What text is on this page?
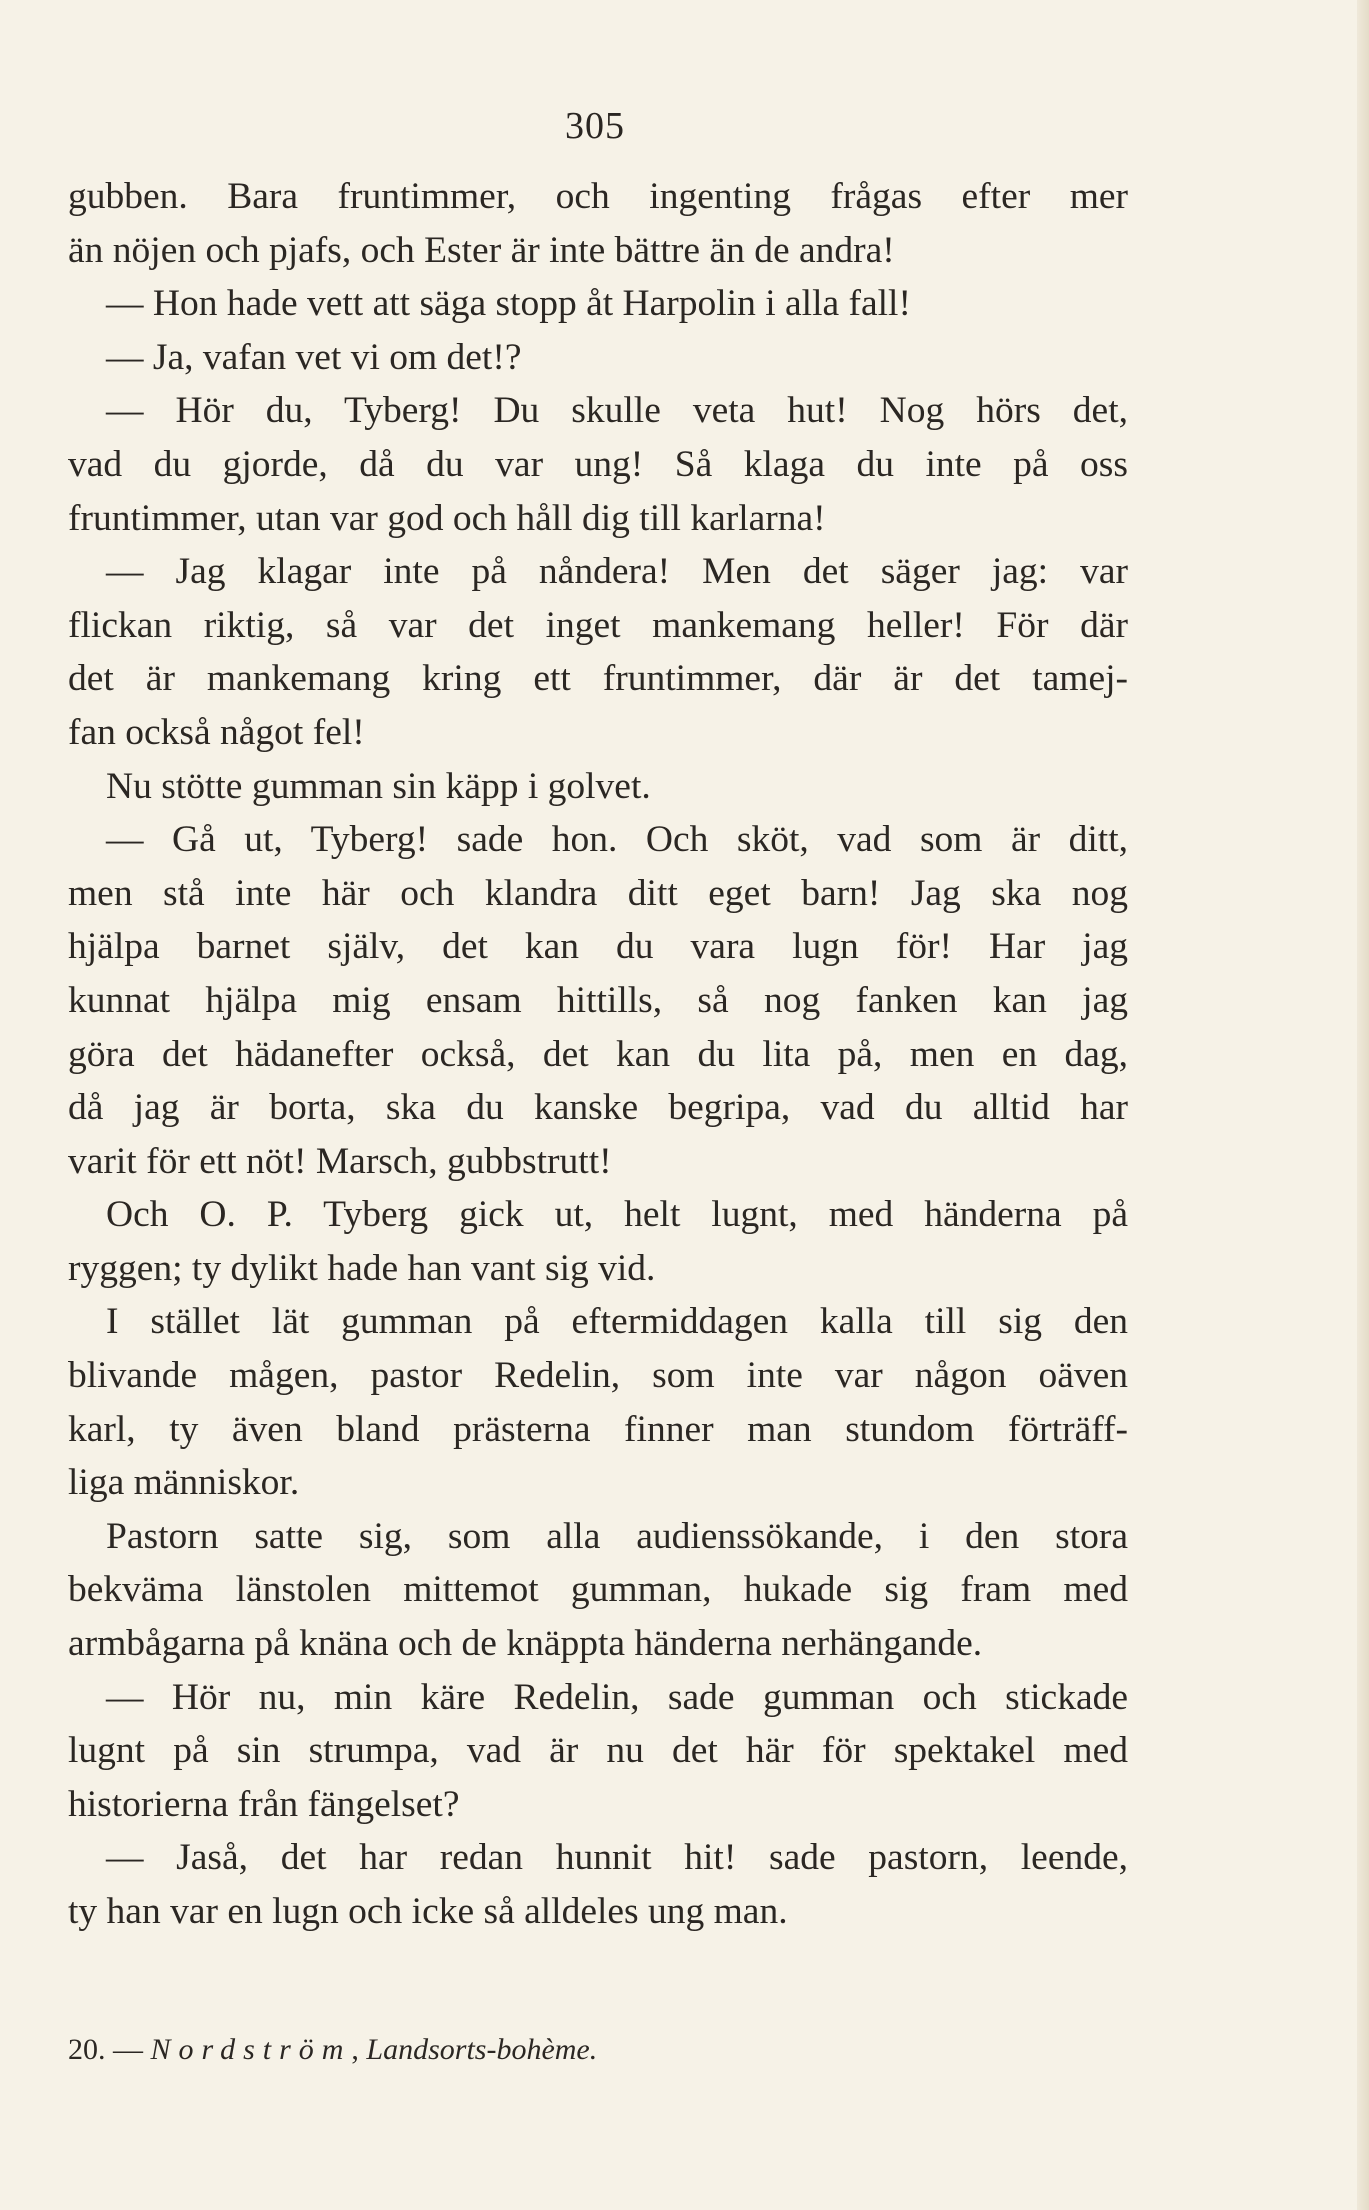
305
gubben. Bara fruntimmer, och ingenting frågas efter mer
än nöjen och pjafs, och Ester är inte bättre än de andra!
— Hon hade vett att säga stopp åt Harpolin i alla fall!
— Ja, vafan vet vi om det!?
— Hör du, Tyberg! Du skulle veta hut! Nog hörs det,
vad du gjorde, då du var ung! Så klaga du inte på oss
fruntimmer, utan var god och håll dig till karlarna!
— Jag klagar inte på nåndera! Men det säger jag: var
flickan riktig, så var det inget mankemang heller! För där
det är mankemang kring ett fruntimmer, där är det tamej-
fan också något fel!
Nu stötte gumman sin käpp i golvet.
— Gå ut, Tyberg! sade hon. Och sköt, vad som är ditt,
men stå inte här och klandra ditt eget barn! Jag ska nog
hjälpa barnet själv, det kan du vara lugn för! Har jag
kunnat hjälpa mig ensam hittills, så nog fanken kan jag
göra det hädanefter också, det kan du lita på, men en dag,
då jag är borta, ska du kanske begripa, vad du alltid har
varit för ett nöt! Marsch, gubbstrutt!
Och O. P. Tyberg gick ut, helt lugnt, med händerna på
ryggen; ty dylikt hade han vant sig vid.
I stället lät gumman på eftermiddagen kalla till sig den
blivande mågen, pastor Redelin, som inte var någon oäven
karl, ty även bland prästerna finner man stundom förträff-
liga människor.
Pastorn satte sig, som alla audienssökande, i den stora
bekväma länstolen mittemot gumman, hukade sig fram med
armbågarna på knäna och de knäppta händerna nerhängande.
— Hör nu, min käre Redelin, sade gumman och stickade
lugnt på sin strumpa, vad är nu det här för spektakel med
historierna från fängelset?
— Jaså, det har redan hunnit hit! sade pastorn, leende,
ty han var en lugn och icke så alldeles ung man.
20. — Nordström, Landsorts-bohème.
